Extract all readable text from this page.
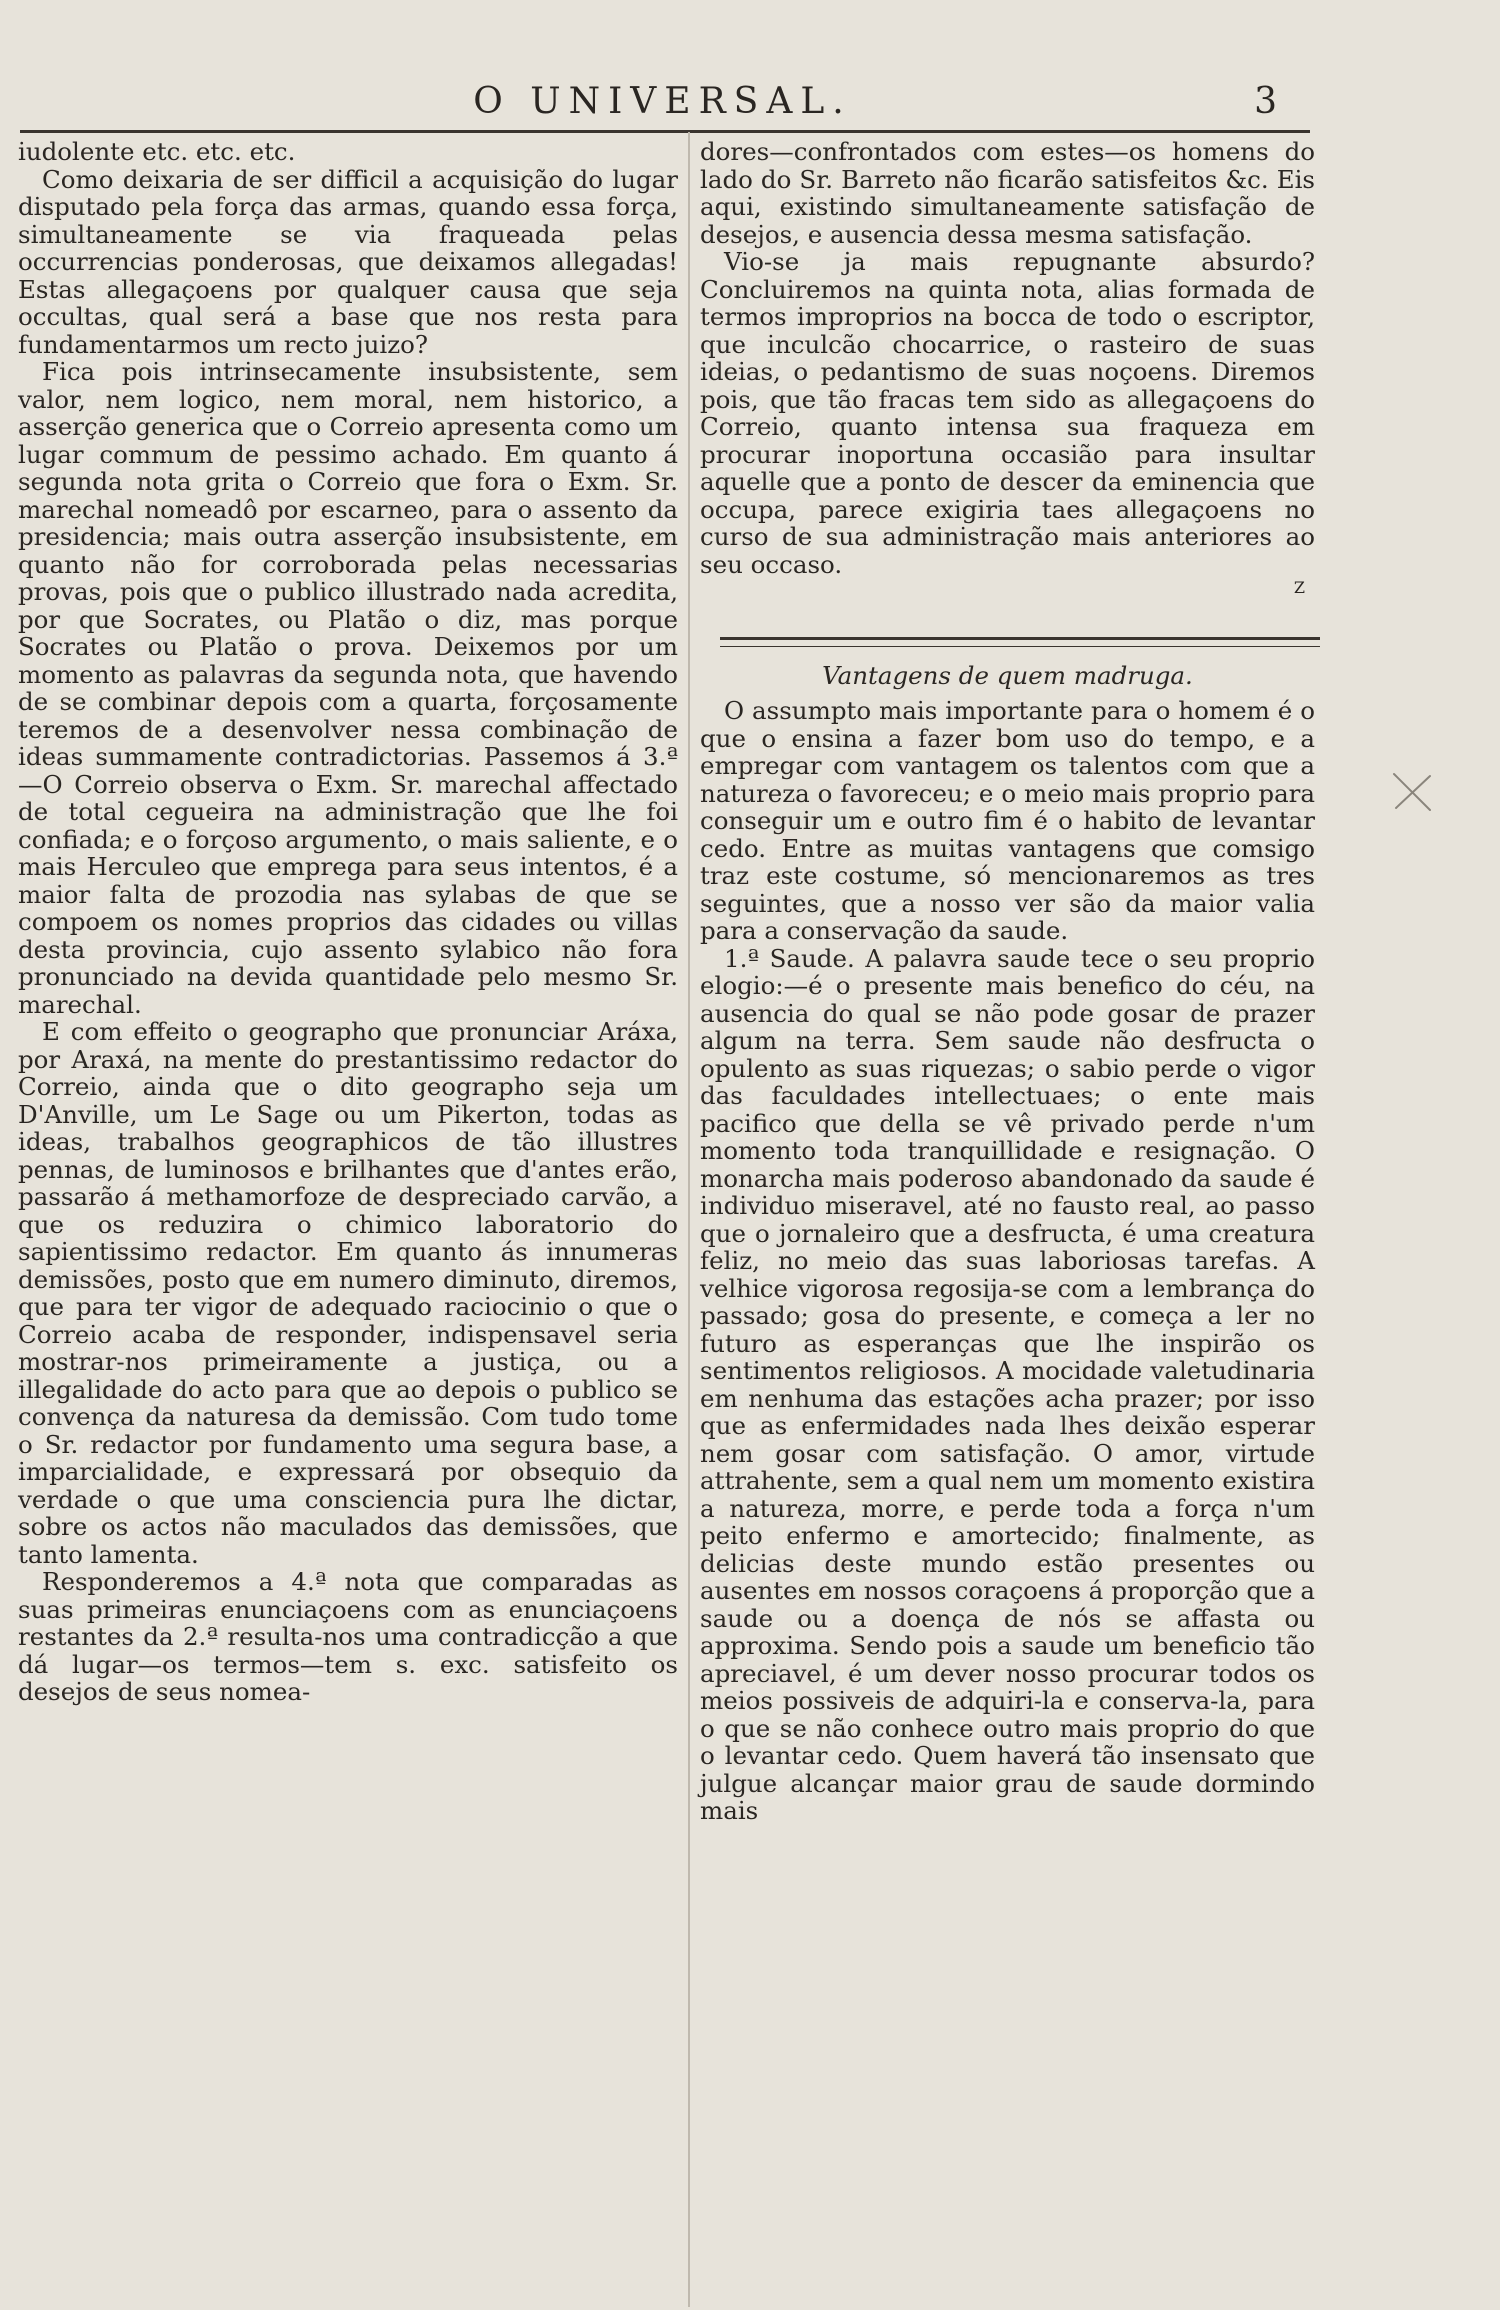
O UNIVERSAL.	3

iudolente etc. etc. etc.

Como deixaria de ser difficil a acquisição do lugar disputado pela força das armas, quando essa força, simultaneamente se via fraqueada pelas occurrencias ponderosas, que deixamos allegadas! Estas allegaçoens por qualquer causa que seja occultas, qual será a base que nos resta para fundamentarmos um recto juizo?

Fica pois intrinsecamente insubsistente, sem valor, nem logico, nem moral, nem historico, a asserção generica que o Correio apresenta como um lugar commum de pessimo achado. Em quanto á segunda nota grita o Correio que fora o Exm. Sr. marechal nomeadô por escarneo, para o assento da presidencia; mais outra asserção insubsistente, em quanto não for corroborada pelas necessarias provas, pois que o publico illustrado nada acredita, por que Socrates, ou Platão o diz, mas porque Socrates ou Platão o prova. Deixemos por um momento as palavras da segunda nota, que havendo de se combinar depois com a quarta, forçosamente teremos de a desenvolver nessa combinação de ideas summamente contradictorias. Passemos á 3.ª—O Correio observa o Exm. Sr. marechal affectado de total cegueira na administração que lhe foi confiada; e o forçoso argumento, o mais saliente, e o mais Herculeo que emprega para seus intentos, é a maior falta de prozodia nas sylabas de que se compoem os nomes proprios das cidades ou villas desta provincia, cujo assento sylabico não fora pronunciado na devida quantidade pelo mesmo Sr. marechal.

E com effeito o geographo que pronunciar Aráxa, por Araxá, na mente do prestantissimo redactor do Correio, ainda que o dito geographo seja um D'Anville, um Le Sage ou um Pikerton, todas as ideas, trabalhos geographicos de tão illustres pennas, de luminosos e brilhantes que d'antes erão, passarão á methamorfoze de despreciado carvão, a que os reduzira o chimico laboratorio do sapientissimo redactor. Em quanto ás innumeras demissões, posto que em numero diminuto, diremos, que para ter vigor de adequado raciocinio o que o Correio acaba de responder, indispensavel seria mostrar-nos primeiramente a justiça, ou a illegalidade do acto para que ao depois o publico se convença da naturesa da demissão. Com tudo tome o Sr. redactor por fundamento uma segura base, a imparcialidade, e expressará por obsequio da verdade o que uma consciencia pura lhe dictar, sobre os actos não maculados das demissões, que tanto lamenta.

Responderemos a 4.ª nota que comparadas as suas primeiras enunciaçoens com as enunciaçoens restantes da 2.ª resulta-nos uma contradicção a que dá lugar—os termos—tem s. exc. satisfeito os desejos de seus nomea-

dores—confrontados com estes—os homens do lado do Sr. Barreto não ficarão satisfeitos &c. Eis aqui, existindo simultaneamente satisfação de desejos, e ausencia dessa mesma satisfação.

Vio-se ja mais repugnante absurdo? Concluiremos na quinta nota, alias formada de termos improprios na bocca de todo o escriptor, que inculcão chocarrice, o rasteiro de suas ideias, o pedantismo de suas noçoens. Diremos pois, que tão fracas tem sido as allegaçoens do Correio, quanto intensa sua fraqueza em procurar inoportuna occasião para insultar aquelle que a ponto de descer da eminencia que occupa, parece exigiria taes allegaçoens no curso de sua administração mais anteriores ao seu occaso.

Z
Vantagens de quem madruga.

O assumpto mais importante para o homem é o que o ensina a fazer bom uso do tempo, e a empregar com vantagem os talentos com que a natureza o favoreceu; e o meio mais proprio para conseguir um e outro fim é o habito de levantar cedo. Entre as muitas vantagens que comsigo traz este costume, só mencionaremos as tres seguintes, que a nosso ver são da maior valia para a conservação da saude.

1.ª Saude. A palavra saude tece o seu proprio elogio:—é o presente mais benefico do céu, na ausencia do qual se não pode gosar de prazer algum na terra. Sem saude não desfructa o opulento as suas riquezas; o sabio perde o vigor das faculdades intellectuaes; o ente mais pacifico que della se vê privado perde n'um momento toda tranquillidade e resignação. O monarcha mais poderoso abandonado da saude é individuo miseravel, até no fausto real, ao passo que o jornaleiro que a desfructa, é uma creatura feliz, no meio das suas laboriosas tarefas. A velhice vigorosa regosija-se com a lembrança do passado; gosa do presente, e começa a ler no futuro as esperanças que lhe inspirão os sentimentos religiosos. A mocidade valetudinaria em nenhuma das estações acha prazer; por isso que as enfermidades nada lhes deixão esperar nem gosar com satisfação. O amor, virtude attrahente, sem a qual nem um momento existira a natureza, morre, e perde toda a força n'um peito enfermo e amortecido; finalmente, as delicias deste mundo estão presentes ou ausentes em nossos coraçoens á proporção que a saude ou a doença de nós se affasta ou approxima. Sendo pois a saude um beneficio tão apreciavel, é um dever nosso procurar todos os meios possiveis de adquiri-la e conserva-la, para o que se não conhece outro mais proprio do que o levantar cedo. Quem haverá tão insensato que julgue alcançar maior grau de saude dormindo mais
